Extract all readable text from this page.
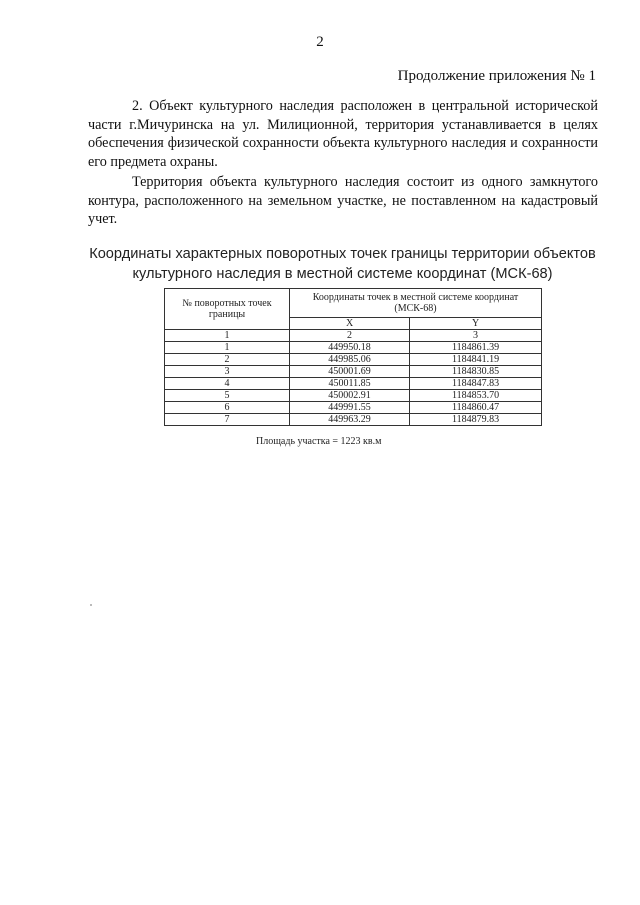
2
Продолжение приложения № 1

2. Объект культурного наследия расположен в центральной исторической части г.Мичуринска на ул. Милиционной, территория устанавливается в целях обеспечения физической сохранности объекта культурного наследия и сохранности его предмета охраны.

Территория объекта культурного наследия состоит из одного замкнутого контура, расположенного на земельном участке, не поставленном на кадастровый учет.

Координаты характерных поворотных точек границы территории объектов
культурного наследия в местной системе координат (МСК-68)
№ поворотных точек границы	Координаты точек в местной системе координат (МСК-68)	
	X	Y
1	2	3
1	449950.18	1184861.39
2	449985.06	1184841.19
3	450001.69	1184830.85
4	450011.85	1184847.83
5	450002.91	1184853.70
6	449991.55	1184860.47
7	449963.29	1184879.83
Площадь участка = 1223 кв.м
